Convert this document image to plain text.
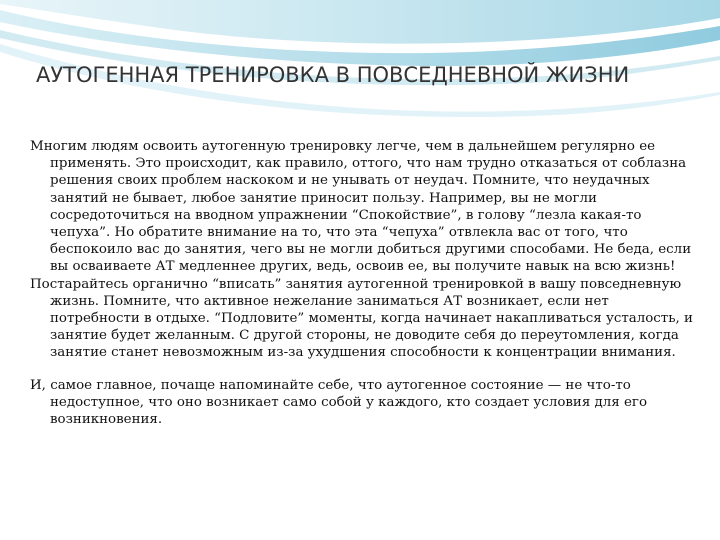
АУТОГЕННАЯ ТРЕНИРОВКА В ПОВСЕДНЕВНОЙ ЖИЗНИ

Многим людям освоить аутогенную тренировку легче, чем в дальнейшем регулярно ее применять. Это происходит, как правило, оттого, что нам трудно отказаться от соблазна решения своих проблем наскоком и не унывать от неудач. Помните, что неудачных занятий не бывает, любое занятие приносит пользу. Например, вы не могли сосредоточиться на вводном упражнении “Спокойствие”, в голову “лезла какая-то чепуха”. Но обратите внимание на то, что эта “чепуха” отвлекла вас от того, что беспокоило вас до занятия, чего вы не могли добиться другими способами. Не беда, если вы осваиваете АТ медленнее других, ведь, освоив ее, вы получите навык на всю жизнь!

Постарайтесь органично “вписать” занятия аутогенной тренировкой в вашу повседневную жизнь. Помните, что активное нежелание заниматься АТ возникает, если нет потребности в отдыхе. “Подловите” моменты, когда начинает накапливаться усталость, и занятие будет желанным. С другой стороны, не доводите себя до переутомления, когда занятие станет невозможным из-за ухудшения способности к концентрации внимания.

И, самое главное, почаще напоминайте себе, что аутогенное состояние — не что-то недоступное, что оно возникает само собой у каждого, кто создает условия для его возникновения.
